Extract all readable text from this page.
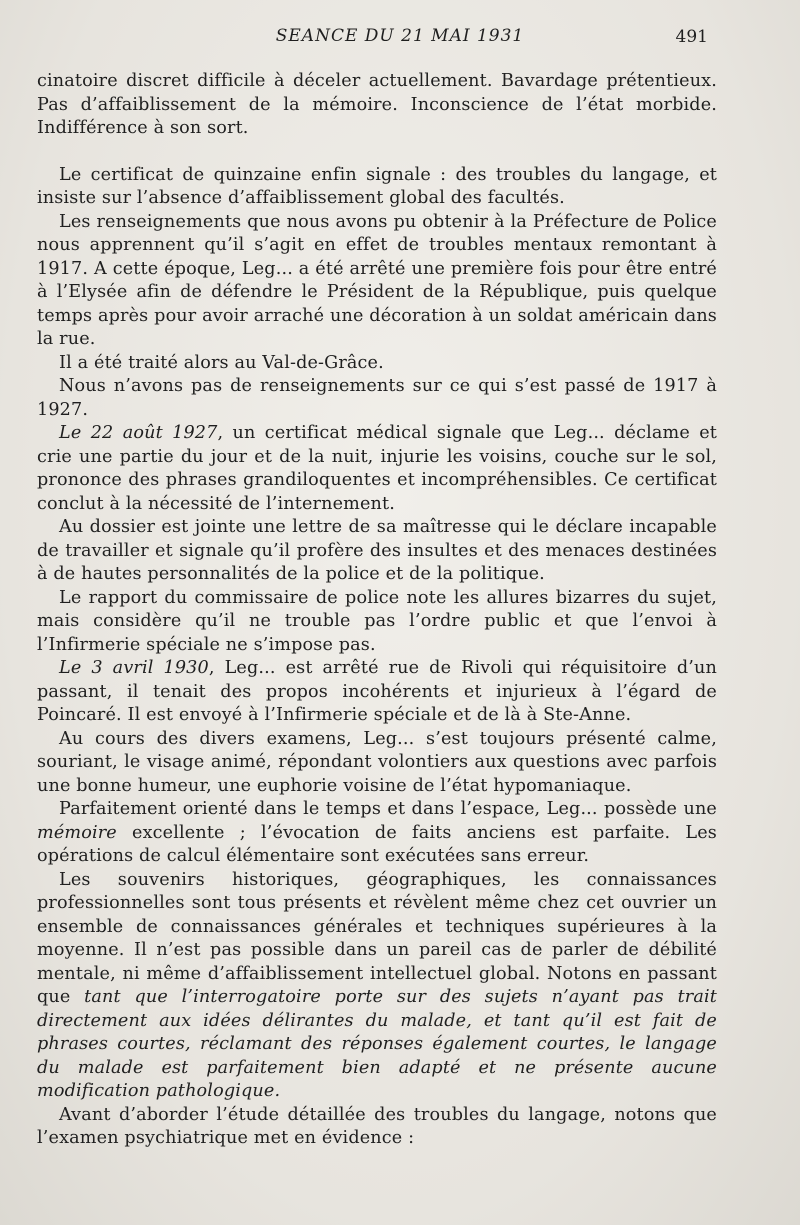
SEANCE DU 21 MAI 1931	491

cinatoire discret difficile à déceler actuellement. Bavardage prétentieux. Pas d’affaiblissement de la mémoire. Inconscience de l’état morbide. Indifférence à son sort.

Le certificat de quinzaine enfin signale : des troubles du langage, et insiste sur l’absence d’affaiblissement global des facultés.

Les renseignements que nous avons pu obtenir à la Préfecture de Police nous apprennent qu’il s’agit en effet de troubles mentaux remontant à 1917. A cette époque, Leg... a été arrêté une première fois pour être entré à l’Elysée afin de défendre le Président de la République, puis quelque temps après pour avoir arraché une décoration à un soldat américain dans la rue.

Il a été traité alors au Val-de-Grâce.

Nous n’avons pas de renseignements sur ce qui s’est passé de 1917 à 1927.

Le 22 août 1927, un certificat médical signale que Leg... déclame et crie une partie du jour et de la nuit, injurie les voisins, couche sur le sol, prononce des phrases grandiloquentes et incompréhensibles. Ce certificat conclut à la nécessité de l’internement.

Au dossier est jointe une lettre de sa maîtresse qui le déclare incapable de travailler et signale qu’il profère des insultes et des menaces destinées à de hautes personnalités de la police et de la politique.

Le rapport du commissaire de police note les allures bizarres du sujet, mais considère qu’il ne trouble pas l’ordre public et que l’envoi à l’Infirmerie spéciale ne s’impose pas.

Le 3 avril 1930, Leg... est arrêté rue de Rivoli qui réquisitoire d’un passant, il tenait des propos incohérents et injurieux à l’égard de Poincaré. Il est envoyé à l’Infirmerie spéciale et de là à Ste-Anne.

Au cours des divers examens, Leg... s’est toujours présenté calme, souriant, le visage animé, répondant volontiers aux questions avec parfois une bonne humeur, une euphorie voisine de l’état hypomaniaque.

Parfaitement orienté dans le temps et dans l’espace, Leg... possède une mémoire excellente ; l’évocation de faits anciens est parfaite. Les opérations de calcul élémentaire sont exécutées sans erreur.

Les souvenirs historiques, géographiques, les connaissances professionnelles sont tous présents et révèlent même chez cet ouvrier un ensemble de connaissances générales et techniques supérieures à la moyenne. Il n’est pas possible dans un pareil cas de parler de débilité mentale, ni même d’affaiblissement intellectuel global. Notons en passant que tant que l’interrogatoire porte sur des sujets n’ayant pas trait directement aux idées délirantes du malade, et tant qu’il est fait de phrases courtes, réclamant des réponses également courtes, le langage du malade est parfaitement bien adapté et ne présente aucune modification pathologique.

Avant d’aborder l’étude détaillée des troubles du langage, notons que l’examen psychiatrique met en évidence :
